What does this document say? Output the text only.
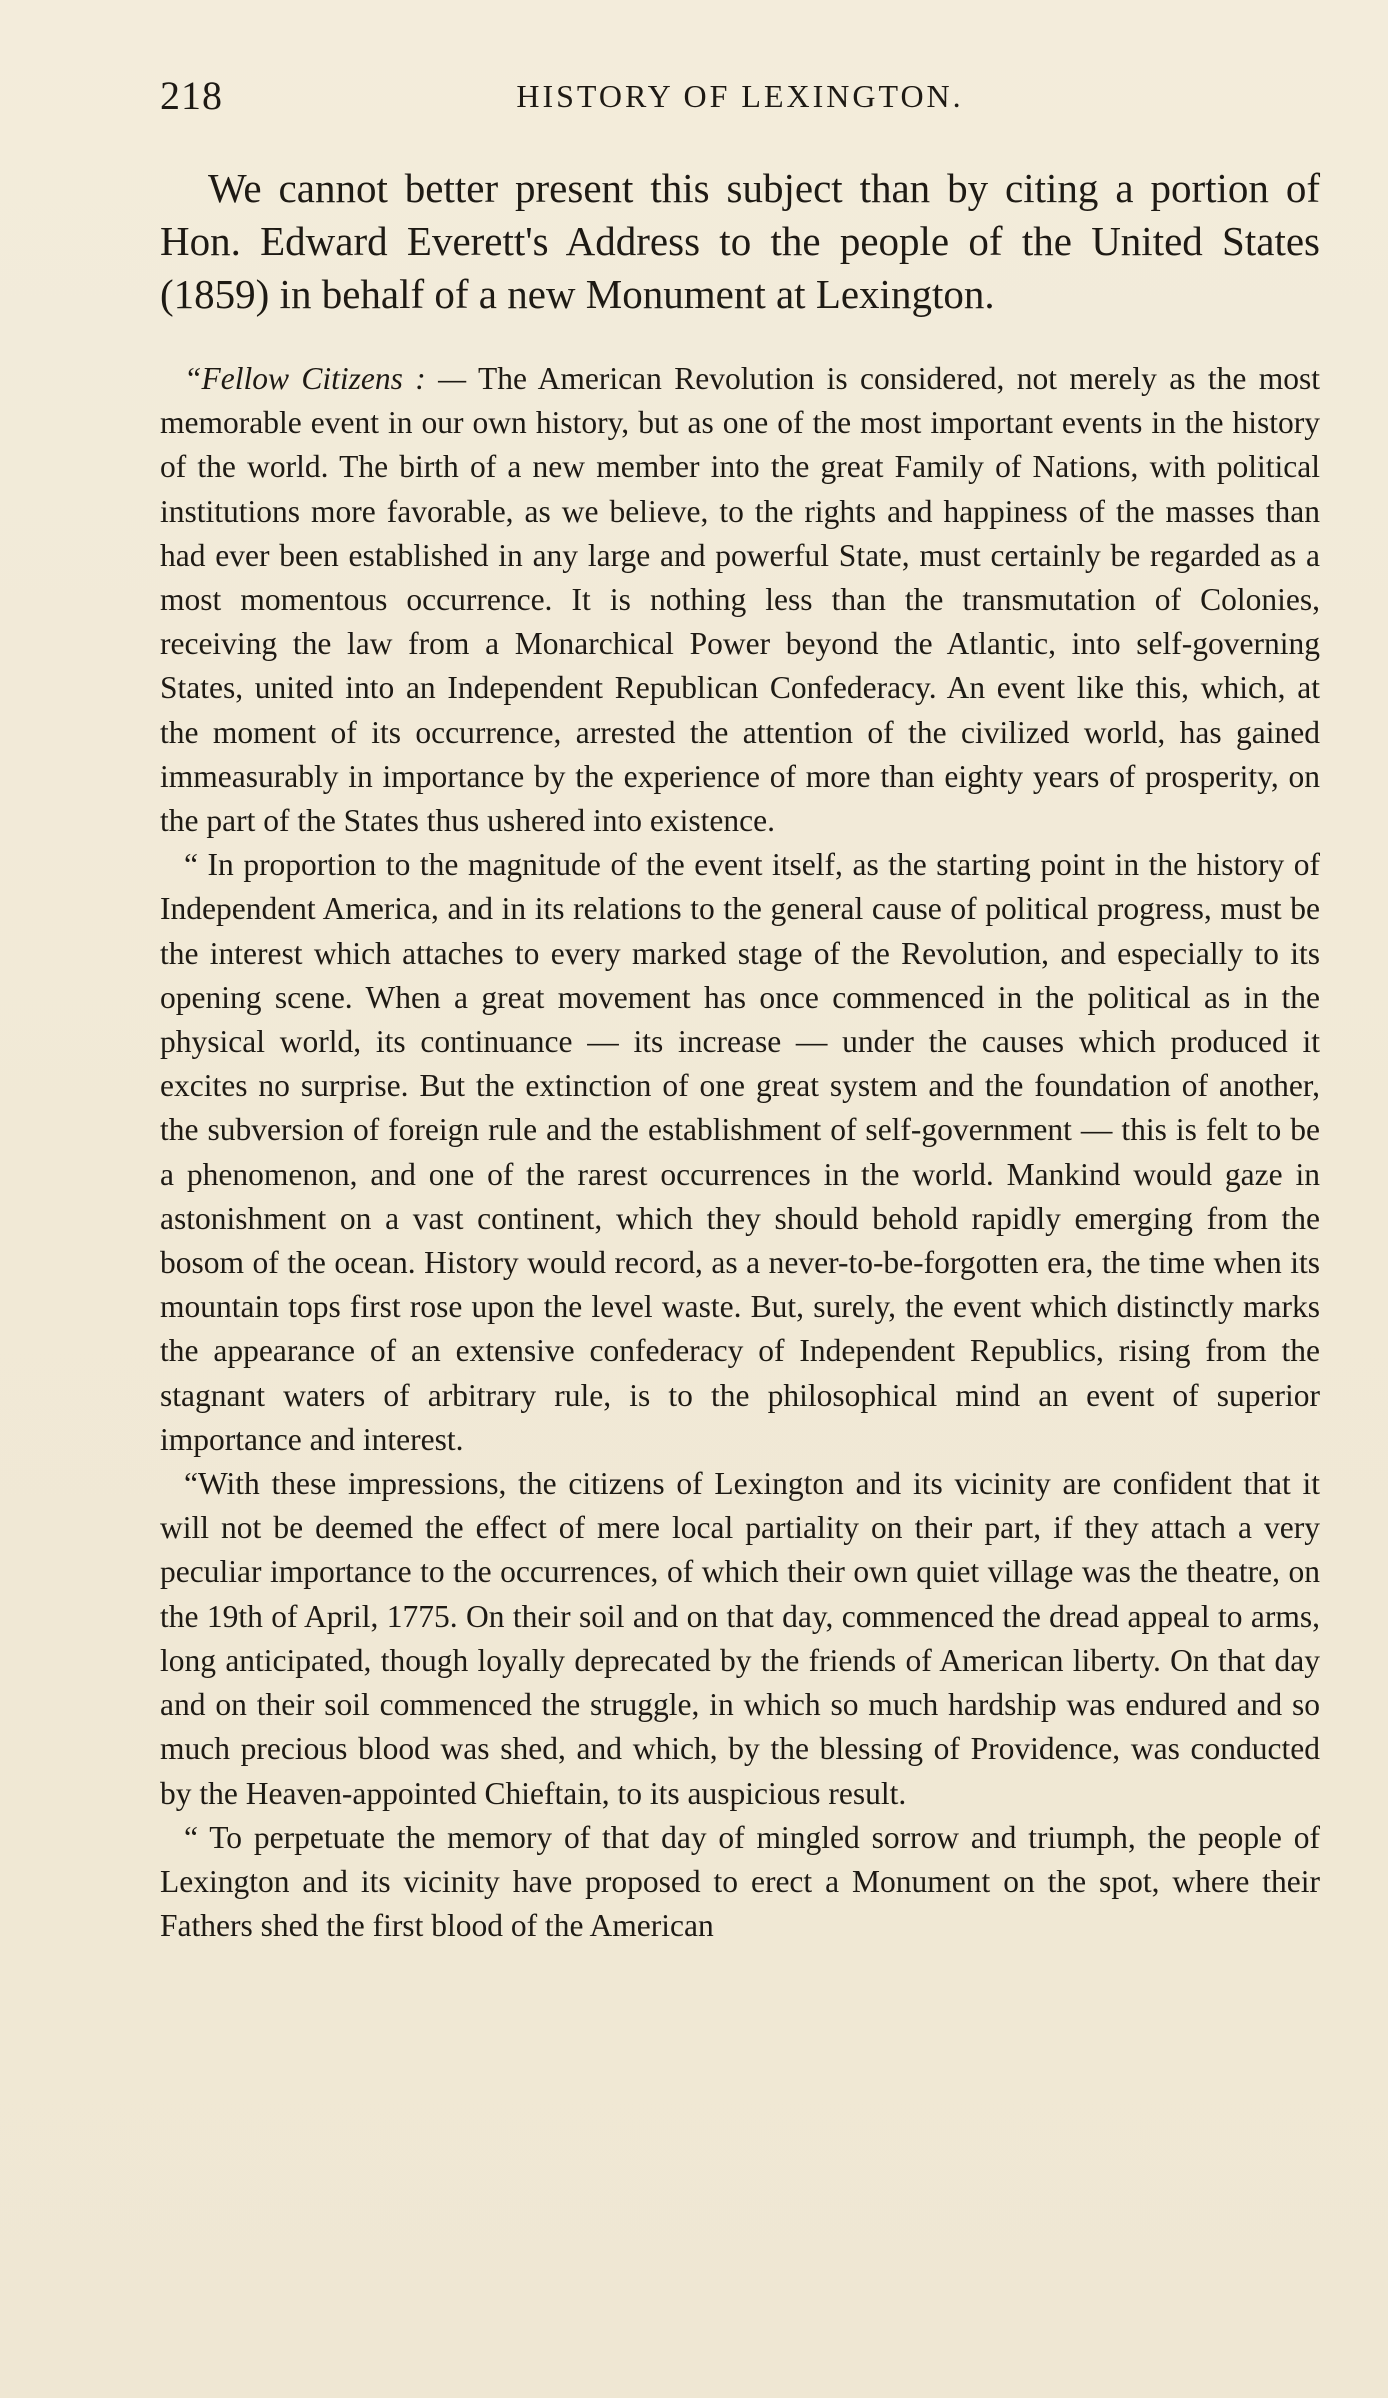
218	HISTORY OF LEXINGTON.

We cannot better present this subject than by citing a portion of Hon. Edward Everett's Address to the people of the United States (1859) in behalf of a new Monument at Lexington.

“Fellow Citizens : — The American Revolution is considered, not merely as the most memorable event in our own history, but as one of the most important events in the history of the world. The birth of a new member into the great Family of Nations, with political institutions more favorable, as we believe, to the rights and happiness of the masses than had ever been established in any large and powerful State, must certainly be regarded as a most momentous occurrence. It is nothing less than the transmutation of Colonies, receiving the law from a Monarchical Power beyond the Atlantic, into self-governing States, united into an Independent Republican Confederacy. An event like this, which, at the moment of its occurrence, arrested the attention of the civilized world, has gained immeasurably in importance by the experience of more than eighty years of prosperity, on the part of the States thus ushered into existence.

“ In proportion to the magnitude of the event itself, as the starting point in the history of Independent America, and in its relations to the general cause of political progress, must be the interest which attaches to every marked stage of the Revolution, and especially to its opening scene. When a great movement has once commenced in the political as in the physical world, its continuance — its increase — under the causes which produced it excites no surprise. But the extinction of one great system and the foundation of another, the subversion of foreign rule and the establishment of self-government — this is felt to be a phenomenon, and one of the rarest occurrences in the world. Mankind would gaze in astonishment on a vast continent, which they should behold rapidly emerging from the bosom of the ocean. History would record, as a never-to-be-forgotten era, the time when its mountain tops first rose upon the level waste. But, surely, the event which distinctly marks the appearance of an extensive confederacy of Independent Republics, rising from the stagnant waters of arbitrary rule, is to the philosophical mind an event of superior importance and interest.

“With these impressions, the citizens of Lexington and its vicinity are confident that it will not be deemed the effect of mere local partiality on their part, if they attach a very peculiar importance to the occurrences, of which their own quiet village was the theatre, on the 19th of April, 1775. On their soil and on that day, commenced the dread appeal to arms, long anticipated, though loyally deprecated by the friends of American liberty. On that day and on their soil commenced the struggle, in which so much hardship was endured and so much precious blood was shed, and which, by the blessing of Providence, was conducted by the Heaven-appointed Chieftain, to its auspicious result.

“ To perpetuate the memory of that day of mingled sorrow and triumph, the people of Lexington and its vicinity have proposed to erect a Monument on the spot, where their Fathers shed the first blood of the American
